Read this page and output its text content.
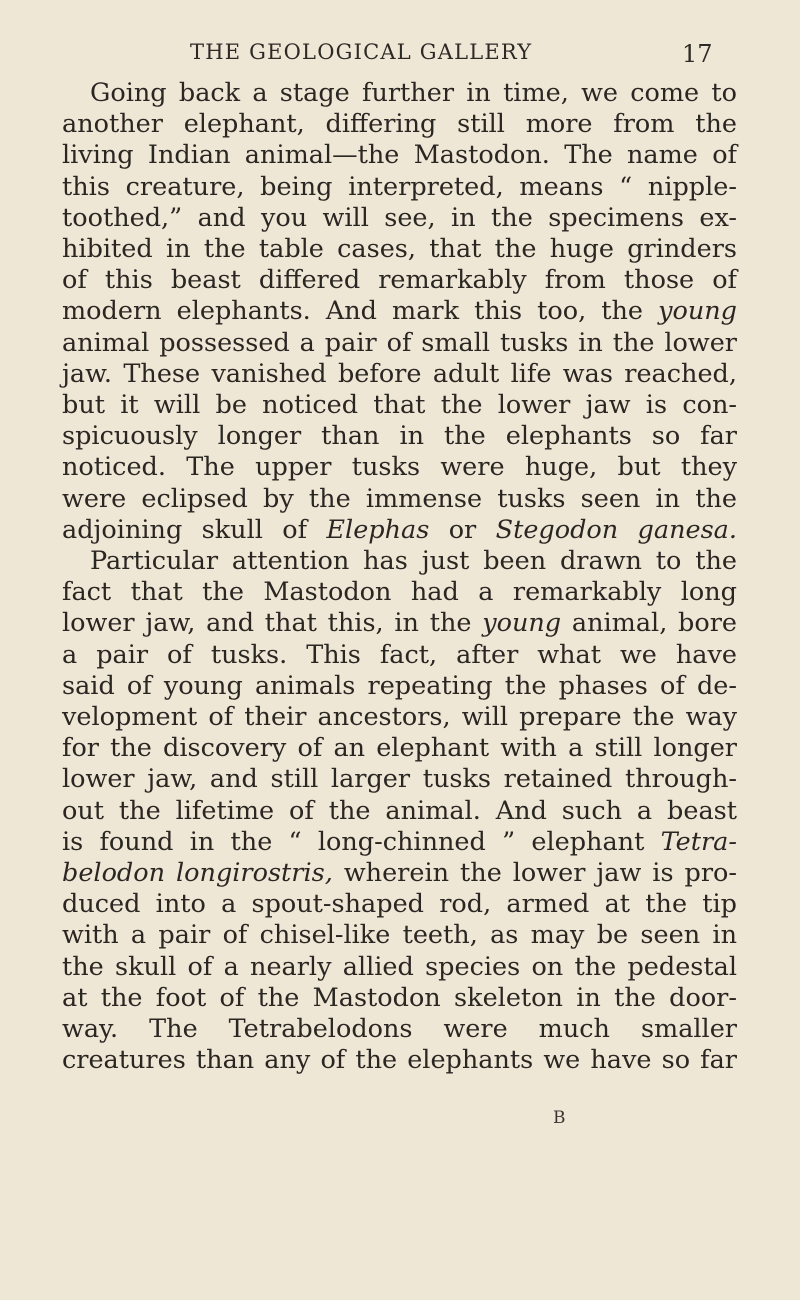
THE GEOLOGICAL GALLERY	17
Going back a stage further in time, we come to
another elephant, differing still more from the
living Indian animal—the Mastodon. The name of
this creature, being interpreted, means “ nipple-
toothed,” and you will see, in the specimens ex-
hibited in the table cases, that the huge grinders
of this beast differed remarkably from those of
modern elephants. And mark this too, the young
animal possessed a pair of small tusks in the lower
jaw. These vanished before adult life was reached,
but it will be noticed that the lower jaw is con-
spicuously longer than in the elephants so far
noticed. The upper tusks were huge, but they
were eclipsed by the immense tusks seen in the
adjoining skull of Elephas or Stegodon ganesa.
Particular attention has just been drawn to the
fact that the Mastodon had a remarkably long
lower jaw, and that this, in the young animal, bore
a pair of tusks. This fact, after what we have
said of young animals repeating the phases of de-
velopment of their ancestors, will prepare the way
for the discovery of an elephant with a still longer
lower jaw, and still larger tusks retained through-
out the lifetime of the animal. And such a beast
is found in the “ long-chinned ” elephant Tetra-
belodon longirostris, wherein the lower jaw is pro-
duced into a spout-shaped rod, armed at the tip
with a pair of chisel-like teeth, as may be seen in
the skull of a nearly allied species on the pedestal
at the foot of the Mastodon skeleton in the door-
way. The Tetrabelodons were much smaller
creatures than any of the elephants we have so far
B
